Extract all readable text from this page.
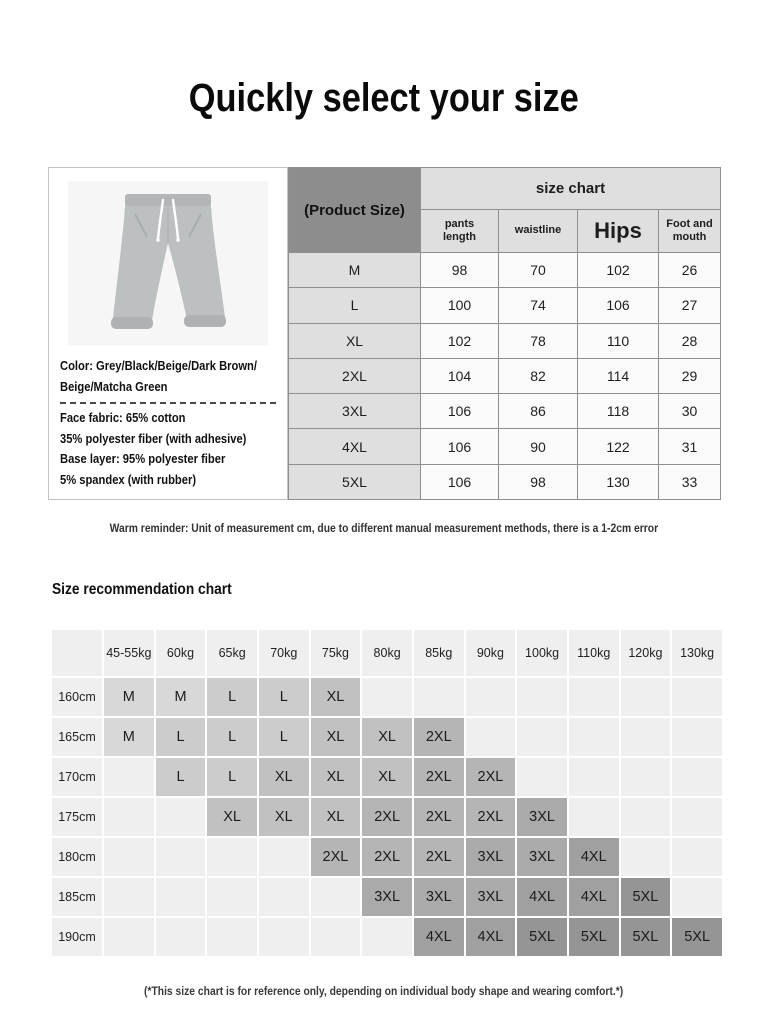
Quickly select your size
Color: Grey/Black/Beige/Dark Brown/
Beige/Matcha Green
Face fabric: 65% cotton
35% polyester fiber (with adhesive)
Base layer: 95% polyester fiber
5% spandex (with rubber)
(Product Size)	size chart			
	pants length	waistline	Hips	Foot and mouth
M	98	70	102	26
L	100	74	106	27
XL	102	78	110	28
2XL	104	82	114	29
3XL	106	86	118	30
4XL	106	90	122	31
5XL	106	98	130	33

Warm reminder: Unit of measurement cm, due to different manual measurement methods, there is a 1-2cm error

Size recommendation chart
	45-55kg	60kg	65kg	70kg	75kg	80kg	85kg	90kg	100kg	110kg	120kg	130kg
160cm	M	M	L	L	XL							
165cm	M	L	L	L	XL	XL	2XL					
170cm		L	L	XL	XL	XL	2XL	2XL				
175cm			XL	XL	XL	2XL	2XL	2XL	3XL			
180cm					2XL	2XL	2XL	3XL	3XL	4XL		
185cm						3XL	3XL	3XL	4XL	4XL	5XL	
190cm							4XL	4XL	5XL	5XL	5XL	5XL

(*This size chart is for reference only, depending on individual body shape and wearing comfort.*)
